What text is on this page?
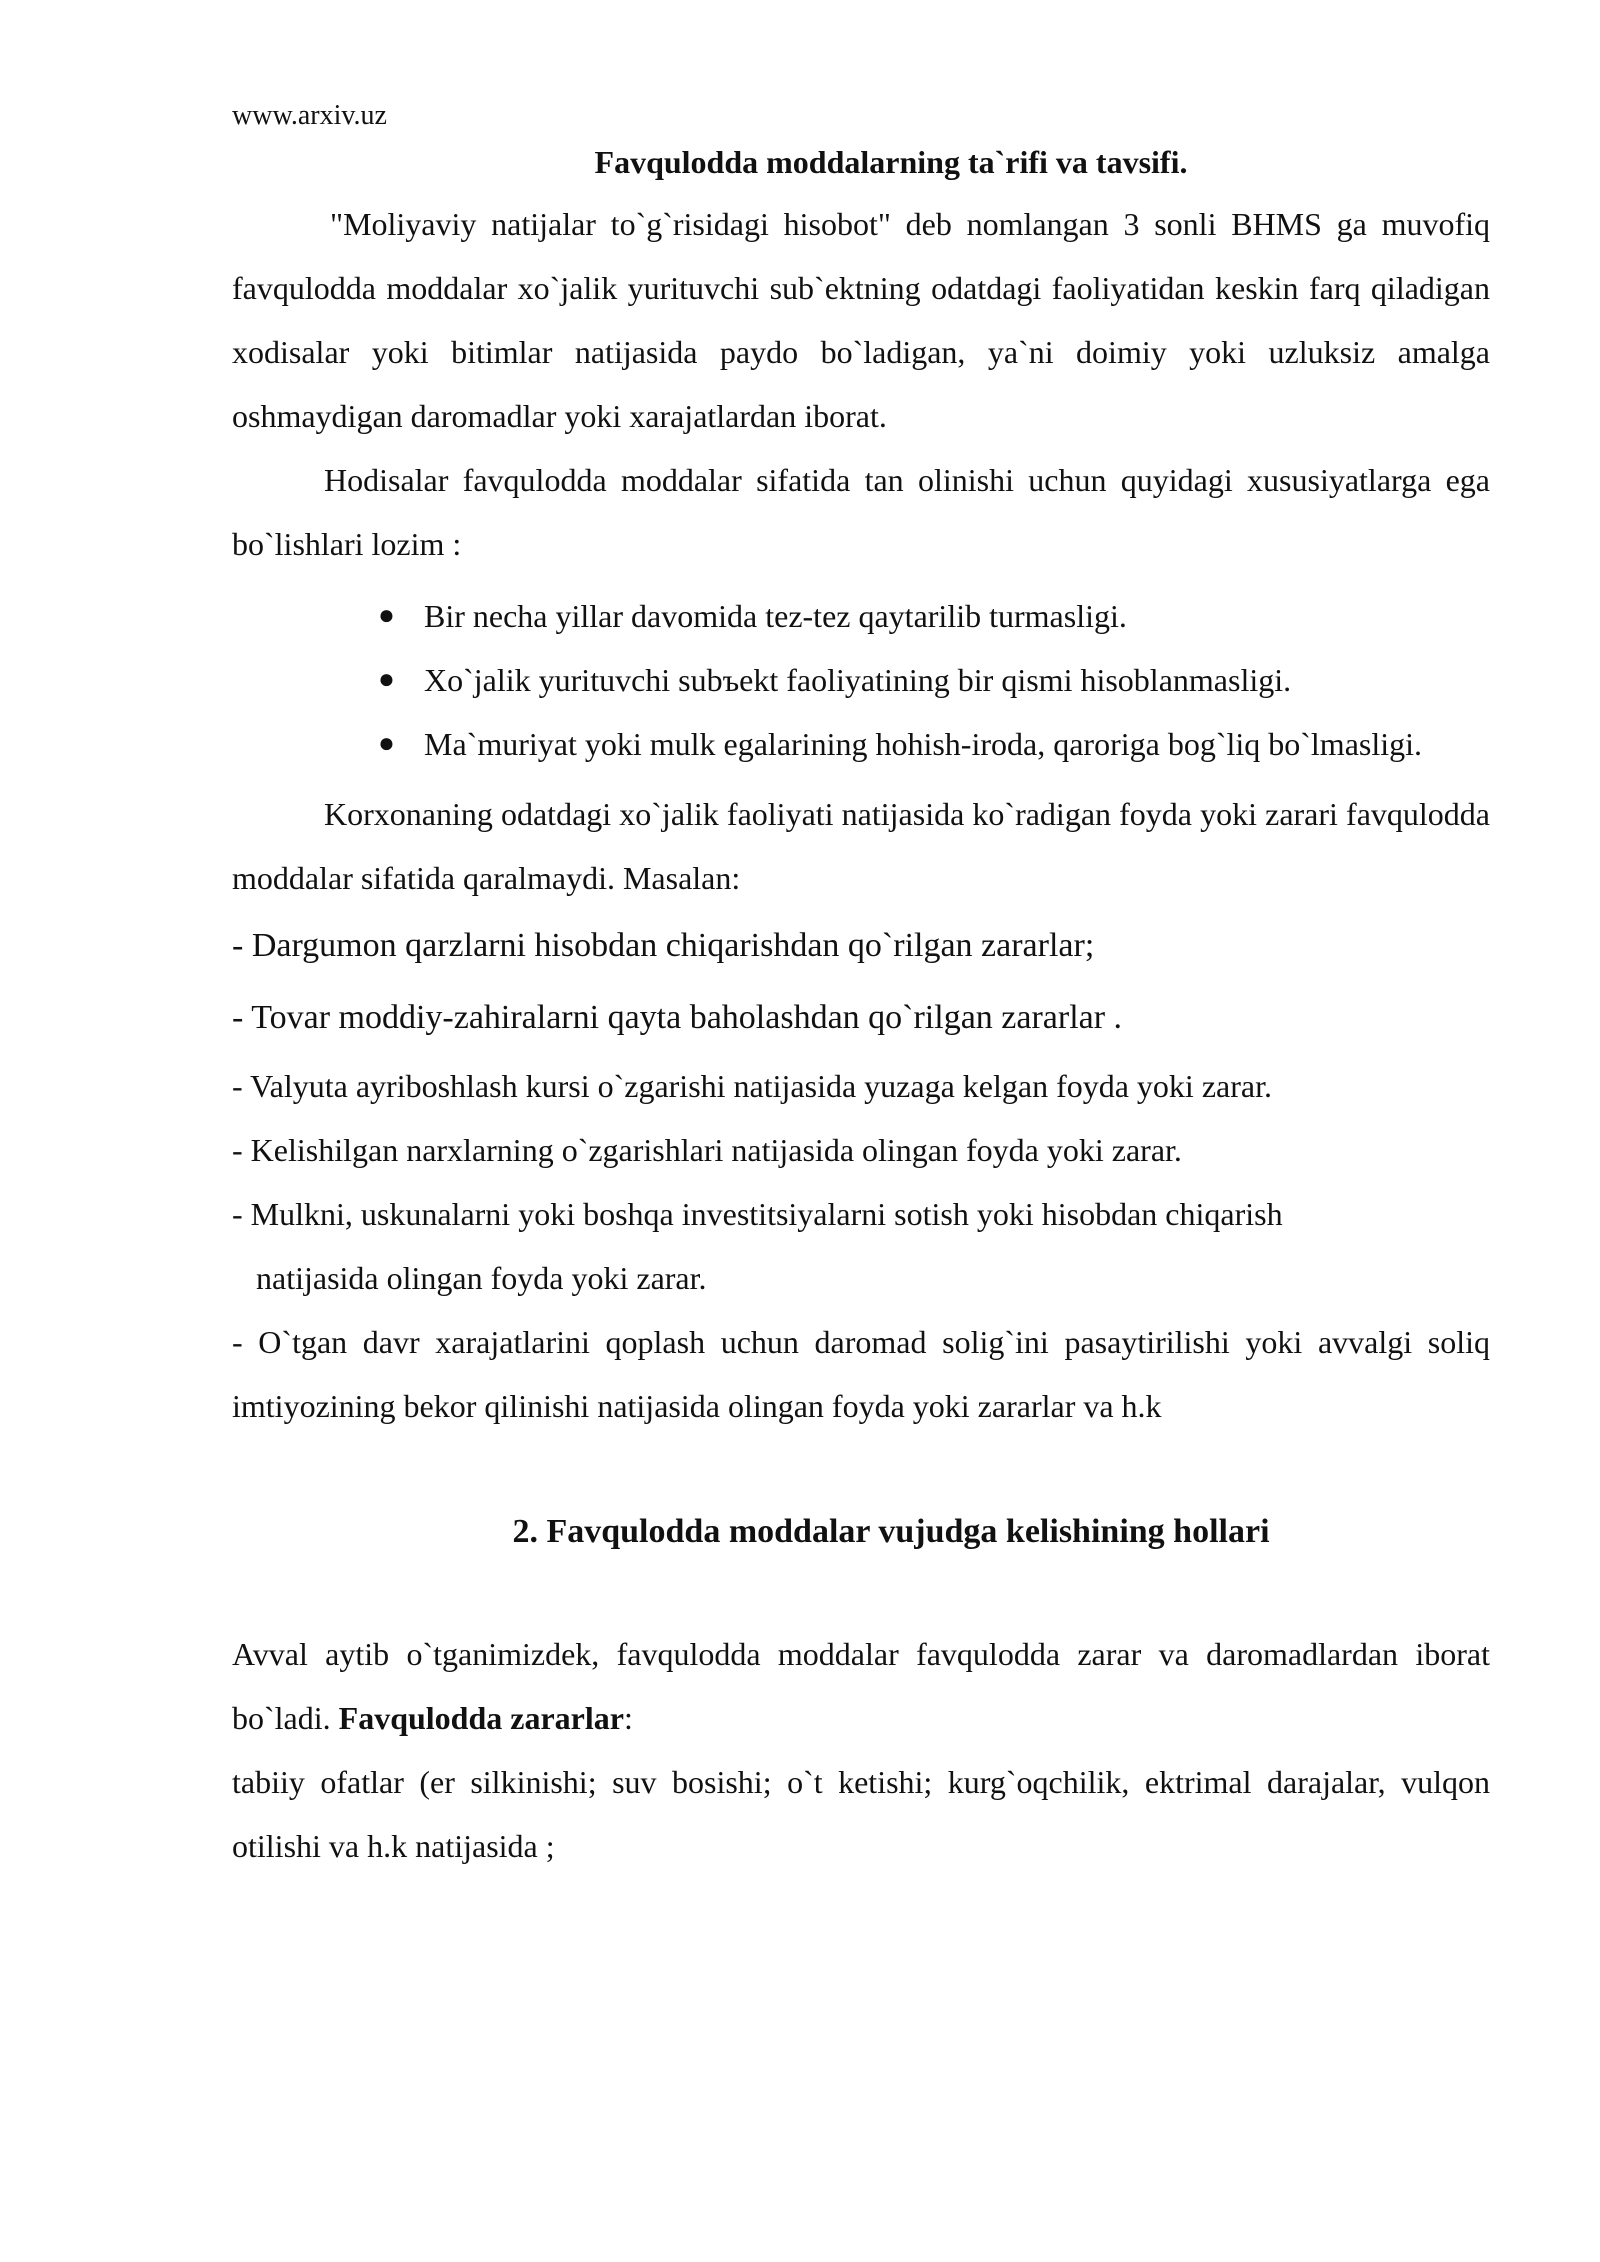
www.arxiv.uz
Favqulodda moddalarning ta`rifi va tavsifi.

"Moliyaviy natijalar to`g`risidagi hisobot" deb nomlangan 3 sonli BHMS ga muvofiq favqulodda moddalar xo`jalik yurituvchi sub`ektning odatdagi faoliyatidan keskin farq qiladigan xodisalar yoki bitimlar natijasida paydo bo`ladigan, ya`ni doimiy yoki uzluksiz amalga oshmaydigan daromadlar yoki xarajatlardan iborat.

Hodisalar favqulodda moddalar sifatida tan olinishi uchun quyidagi xususiyatlarga ega bo`lishlari lozim :

● Bir necha yillar davomida tez-tez qaytarilib turmasligi.
● Xo`jalik yurituvchi subъekt faoliyatining bir qismi hisoblanmasligi.
● Ma`muriyat yoki mulk egalarining hohish-iroda, qaroriga bog`liq bo`lmasligi.

Korxonaning odatdagi xo`jalik faoliyati natijasida ko`radigan foyda yoki zarari favqulodda moddalar sifatida qaralmaydi. Masalan:

- Dargumon qarzlarni hisobdan chiqarishdan qo`rilgan zararlar;
- Tovar moddiy-zahiralarni qayta baholashdan qo`rilgan zararlar .
- Valyuta ayriboshlash kursi o`zgarishi natijasida yuzaga kelgan foyda yoki zarar.
- Kelishilgan narxlarning o`zgarishlari natijasida olingan foyda yoki zarar.
- Mulkni, uskunalarni yoki boshqa investitsiyalarni sotish yoki hisobdan chiqarish
natijasida olingan foyda yoki zarar.

- O`tgan davr xarajatlarini qoplash uchun daromad solig`ini pasaytirilishi yoki avvalgi soliq imtiyozining bekor qilinishi natijasida olingan foyda yoki zararlar va h.k

2. Favqulodda moddalar vujudga kelishining hollari

Avval aytib o`tganimizdek, favqulodda moddalar favqulodda zarar va daromadlardan iborat bo`ladi. Favqulodda zararlar:

tabiiy ofatlar (er silkinishi; suv bosishi; o`t ketishi; kurg`oqchilik, ektrimal darajalar, vulqon otilishi va h.k natijasida ;
